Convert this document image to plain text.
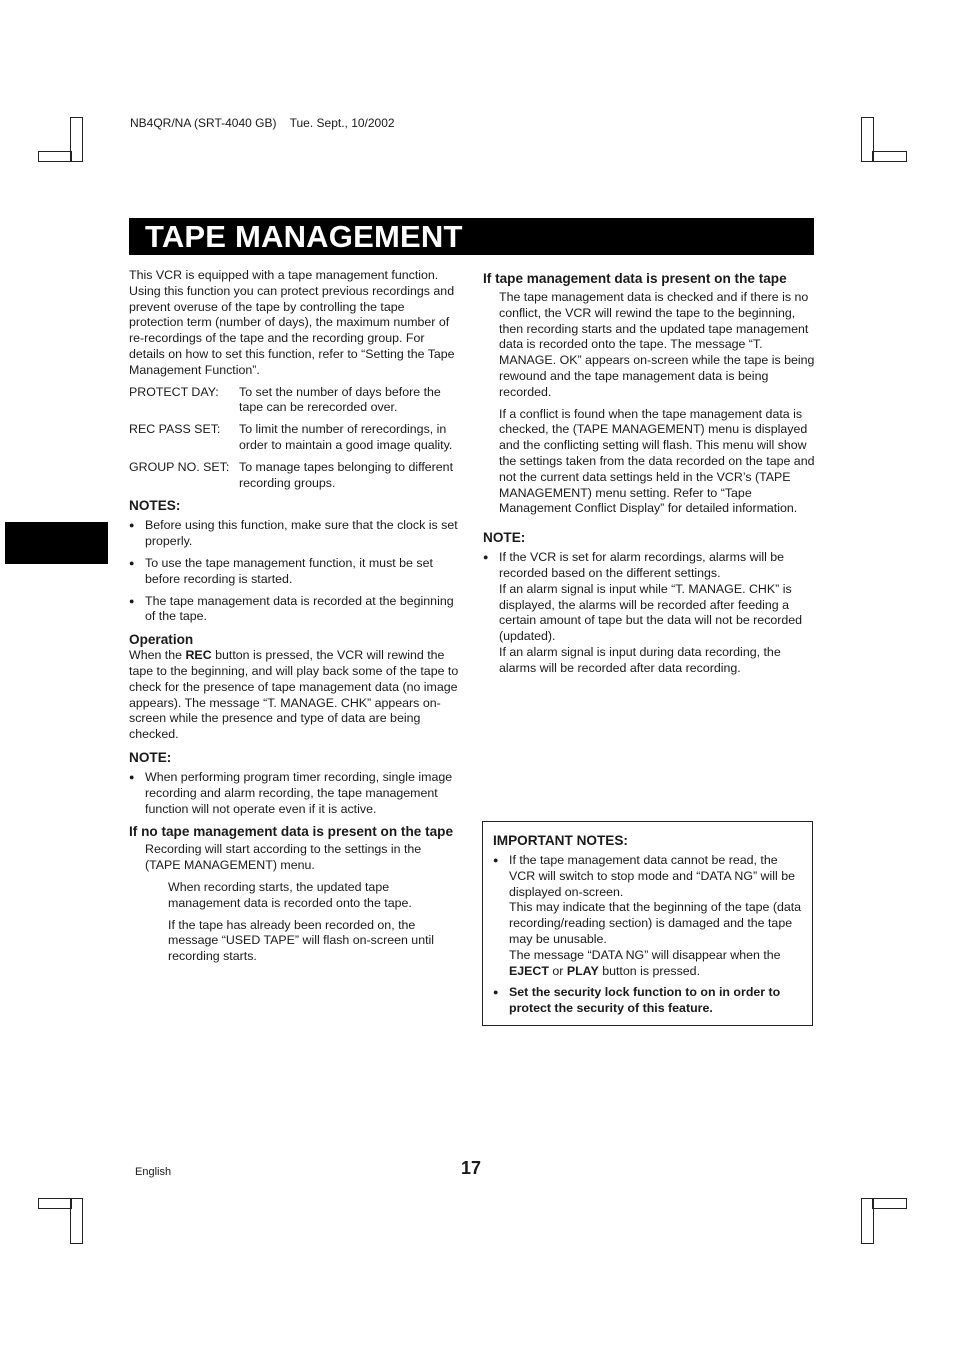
NB4QR/NA (SRT-4040 GB)    Tue. Sept., 10/2002
TAPE MANAGEMENT

This VCR is equipped with a tape management function. Using this function you can protect previous recordings and prevent overuse of the tape by controlling the tape protection term (number of days), the maximum number of re-recordings of the tape and the recording group. For details on how to set this function, refer to “Setting the Tape Management Function”.

PROTECT DAY:	To set the number of days before the tape can be rerecorded over.
REC PASS SET:	To limit the number of rerecordings, in order to maintain a good image quality.
GROUP NO. SET: To manage tapes belonging to different recording groups.

NOTES:

● Before using this function, make sure that the clock is set properly.
● To use the tape management function, it must be set before recording is started.
● The tape management data is recorded at the beginning of the tape.

Operation

When the REC button is pressed, the VCR will rewind the tape to the beginning, and will play back some of the tape to check for the presence of tape management data (no image appears). The message “T. MANAGE. CHK” appears on-screen while the presence and type of data are being checked.

NOTE:

● When performing program timer recording, single image recording and alarm recording, the tape management function will not operate even if it is active.

If no tape management data is present on the tape

Recording will start according to the settings in the (TAPE MANAGEMENT) menu.

When recording starts, the updated tape management data is recorded onto the tape.

If the tape has already been recorded on, the message “USED TAPE” will flash on-screen until recording starts.

If tape management data is present on the tape

The tape management data is checked and if there is no conflict, the VCR will rewind the tape to the beginning, then recording starts and the updated tape management data is recorded onto the tape. The message “T. MANAGE. OK” appears on-screen while the tape is being rewound and the tape management data is being recorded.

If a conflict is found when the tape management data is checked, the (TAPE MANAGEMENT) menu is displayed and the conflicting setting will flash. This menu will show the settings taken from the data recorded on the tape and not the current data settings held in the VCR’s (TAPE MANAGEMENT) menu setting. Refer to “Tape Management Conflict Display” for detailed information.

NOTE:

● If the VCR is set for alarm recordings, alarms will be recorded based on the different settings.
If an alarm signal is input while “T. MANAGE. CHK” is displayed, the alarms will be recorded after feeding a certain amount of tape but the data will not be recorded (updated).
If an alarm signal is input during data recording, the alarms will be recorded after data recording.

IMPORTANT NOTES:

● If the tape management data cannot be read, the VCR will switch to stop mode and “DATA NG” will be displayed on-screen.
This may indicate that the beginning of the tape (data recording/reading section) is damaged and the tape may be unusable.
The message “DATA NG” will disappear when the EJECT or PLAY button is pressed.
● Set the security lock function to on in order to protect the security of this feature.
English	17
